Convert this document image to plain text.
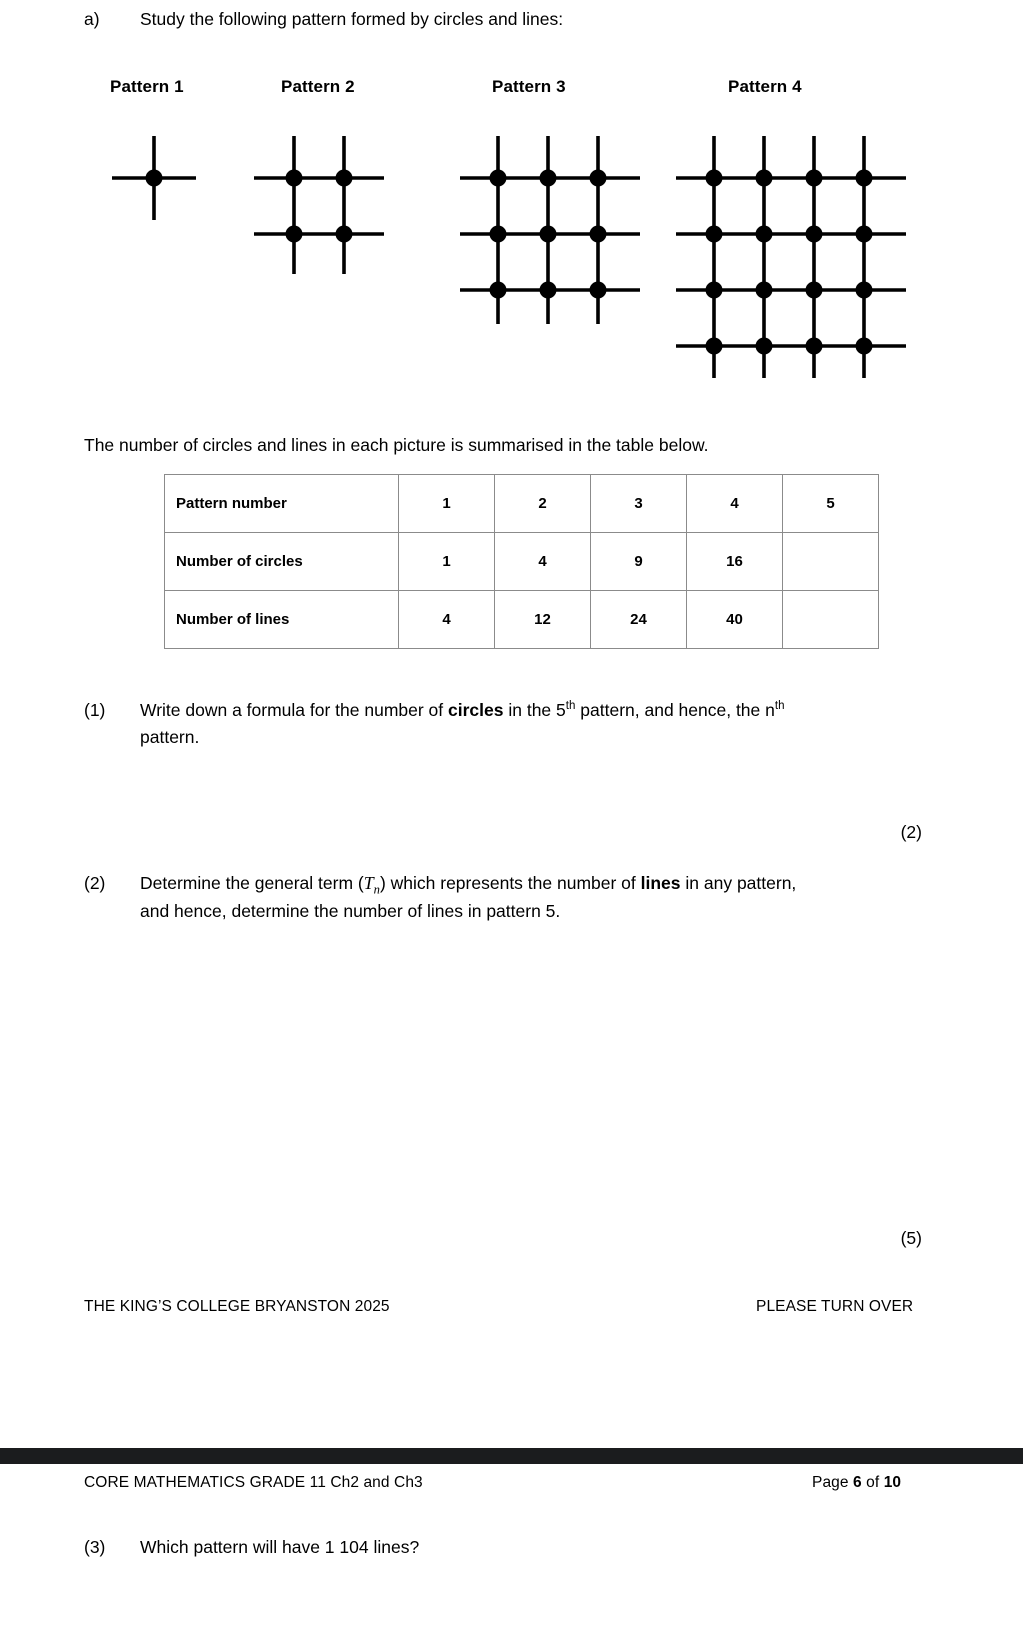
a)	Study the following pattern formed by circles and lines:
Pattern 1	Pattern 2	Pattern 3	Pattern 4
The number of circles and lines in each picture is summarised in the table below.
Pattern number	1	2	3	4	5
Number of circles	1	4	9	16	
Number of lines	4	12	24	40	
(1)	Write down a formula for the number of circles in the 5th pattern, and hence, the $n^{th}$
pattern.
(2)
(2)	Determine the general term $(T_n)$ which represents the number of lines in any pattern,
and hence, determine the number of lines in pattern 5.
(5)
THE KING’S COLLEGE BRYANSTON 2025	PLEASE TURN OVER
CORE MATHEMATICS GRADE 11 Ch2 and Ch3	Page 6 of 10
(3)	Which pattern will have 1 104 lines?
